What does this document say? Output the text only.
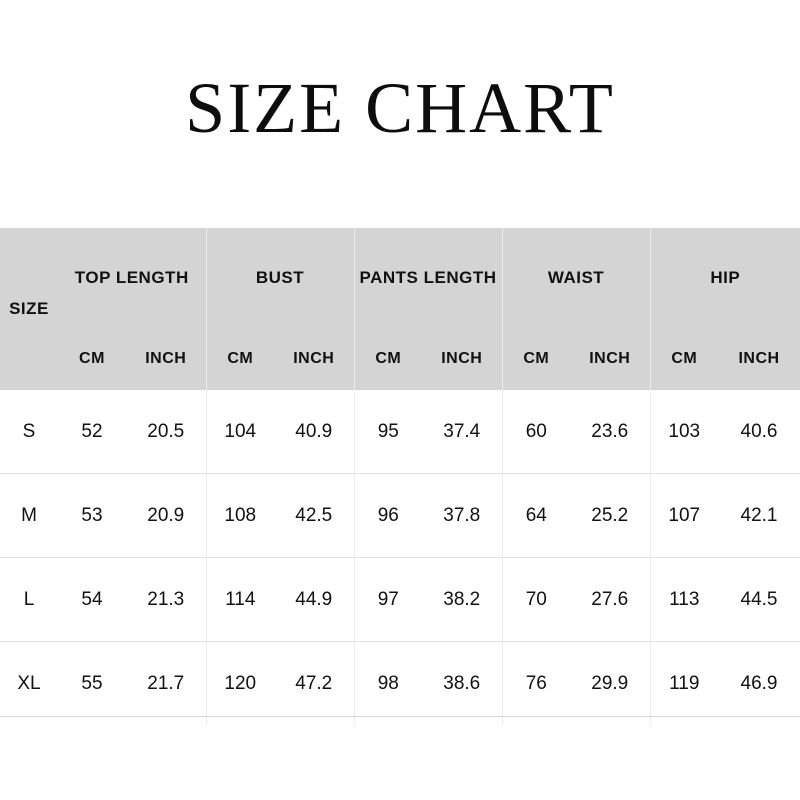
SIZE CHART
SIZE	TOP LENGTH		BUST		PANTS LENGTH		WAIST		HIP	
	CM	INCH	CM	INCH	CM	INCH	CM	INCH	CM	INCH
S	52	20.5	104	40.9	95	37.4	60	23.6	103	40.6
M	53	20.9	108	42.5	96	37.8	64	25.2	107	42.1
L	54	21.3	114	44.9	97	38.2	70	27.6	113	44.5
XL	55	21.7	120	47.2	98	38.6	76	29.9	119	46.9
